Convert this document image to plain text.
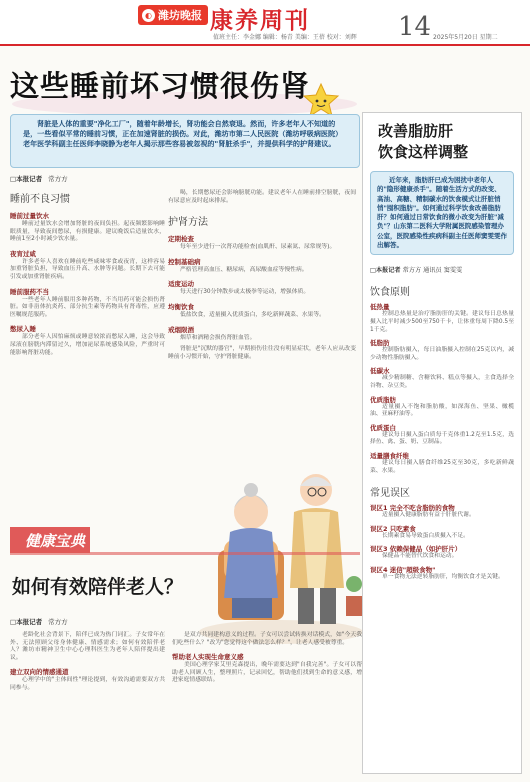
◐ 潍坊晚报 康养周刊
值班主任：李金娜 编辑：杨青 美编：王蓓 校对：刘辉 14 2025年5月20日 星期二
这些睡前坏习惯很伤肾
肾脏是人体的重要"净化工厂"，随着年龄增长，肾功能会自然衰退。然而，许多老年人不知道的是，一些看似平常的睡前习惯，正在加速肾脏的损伤。对此，潍坊市第二人民医院（潍坊呼吸病医院）老年医学科副主任医师李晓静为老年人揭示那些容易被忽视的"肾脏杀手"，并提供科学的护肾建议。
□本报记者 常方方
睡前不良习惯
睡前过量饮水
睡前过量饮水会增加肾脏的夜间负担。起夜频繁影响睡眠质量，导致夜间憋尿，有损健康。建议晚饭后适量饮水，睡前1至2小时减少饮水量。
夜宵过咸
许多老年人喜欢在睡前吃些咸味零食或夜宵，这样容易加重肾脏负担，导致血压升高、水肿等问题。长期下去可能引发或加重肾脏疾病。
睡前服药不当
一些老年人睡前服用多种药物，不当用药可能会损伤肾脏。如非甾体抗炎药、部分抗生素等药物具有肾毒性，应遵医嘱规范服药。
憋尿入睡
部分老年人因怕麻烦或睡意较浓而憋尿入睡，这会导致尿液在膀胱内滞留过久，增加泌尿系统感染风险，严重时可能影响肾脏功能。
喝，长期憋尿还会影响膀胱功能。建议老年人在睡前排空膀胱，夜间有尿意应及时起床排尿。
护肾方法
定期检查
每年至少进行一次肾功能检查(血肌酐、尿素氮、尿常规等)。
控制基础病
严格管理高血压、糖尿病，高尿酸血症等慢性病。
适度运动
每天进行30分钟散步或太极拳等运动，增强体质。
均衡饮食
低盐饮食，适量摄入优质蛋白，多吃新鲜蔬菜、水果等。
戒烟限酒
烟草和酒精会损伤肾脏血管。
肾脏是"沉默的器官"，早期损伤往往没有明显症状，老年人应从改变睡前小习惯开始，守护肾脏健康。
健康宝典
如何有效陪伴老人？
□本报记者 常方方
老龄化社会背景下，陪伴已成为热门词汇。子女常年在外、无法照顾父母身体健康、情感需求；如何有效陪伴老人？潍坊市精神卫生中心心理科医生为老年人陪伴提出建议。
建立双向的情感通道
心理学中的"主体间性"理论提到，有效沟通需要双方共同参与。
是双方共同建构意义的过程。子女可以尝试转换对话模式，如"今天我们吃些什么？"改为"您觉得这个做法怎么样？"，让老人感受被尊重。
帮助老人实现生命意义感
美国心理学家艾里克森提出，晚年需要达到"自我完善"。子女可以帮助老人回顾人生，整理照片，记录回忆，帮助他们找到生命的意义感，增进家庭情感联结。
改善脂肪肝
饮食这样调整
近年来，脂肪肝已成为困扰中老年人的"隐形健康杀手"。随着生活方式的改变、高油、高糖、精制碳水的饮食模式让肝脏悄悄"囤积脂肪"。如何通过科学饮食改善脂肪肝？如何通过日常饮食的微小改变为肝脏"减负"？山东第二医科大学附属医院感染管理办公室，医院感染性疾病科副主任医师窦雯雯作出解答。
□本报记者 常方方 通讯员 窦雯雯
饮食原则
低热量
控制总热量是治疗脂肪肝的关键。建议每日总热量摄入比平时减少500至750千卡，让体重每周下降0.5至1千克。
低脂肪
控制脂肪摄入，每日油脂摄入控制在25克以内，减少动物性脂肪摄入。
低碳水
减少精制糖、含糖饮料、糕点等摄入，主食选择全谷物、杂豆类。
优质脂肪
适量摄入不饱和脂肪酸，如深海鱼、坚果、橄榄油、亚麻籽油等。
优质蛋白
建议每日摄入蛋白质每千克体重1.2克至1.5克，选择鱼、禽、蛋、奶、豆制品。
适量膳食纤维
建议每日摄入膳食纤维25克至30克，多吃新鲜蔬菜、水果。
常见误区
误区1 完全不吃含脂肪的食物
适量摄入健康脂肪有益于肝脏代谢。
误区2 只吃素食
长期素食易导致蛋白质摄入不足。
误区3 依赖保健品（如护肝片）
保健品不能替代饮食和运动。
误区4 迷信"超级食物"
单一食物无法逆转脂肪肝，均衡饮食才是关键。
